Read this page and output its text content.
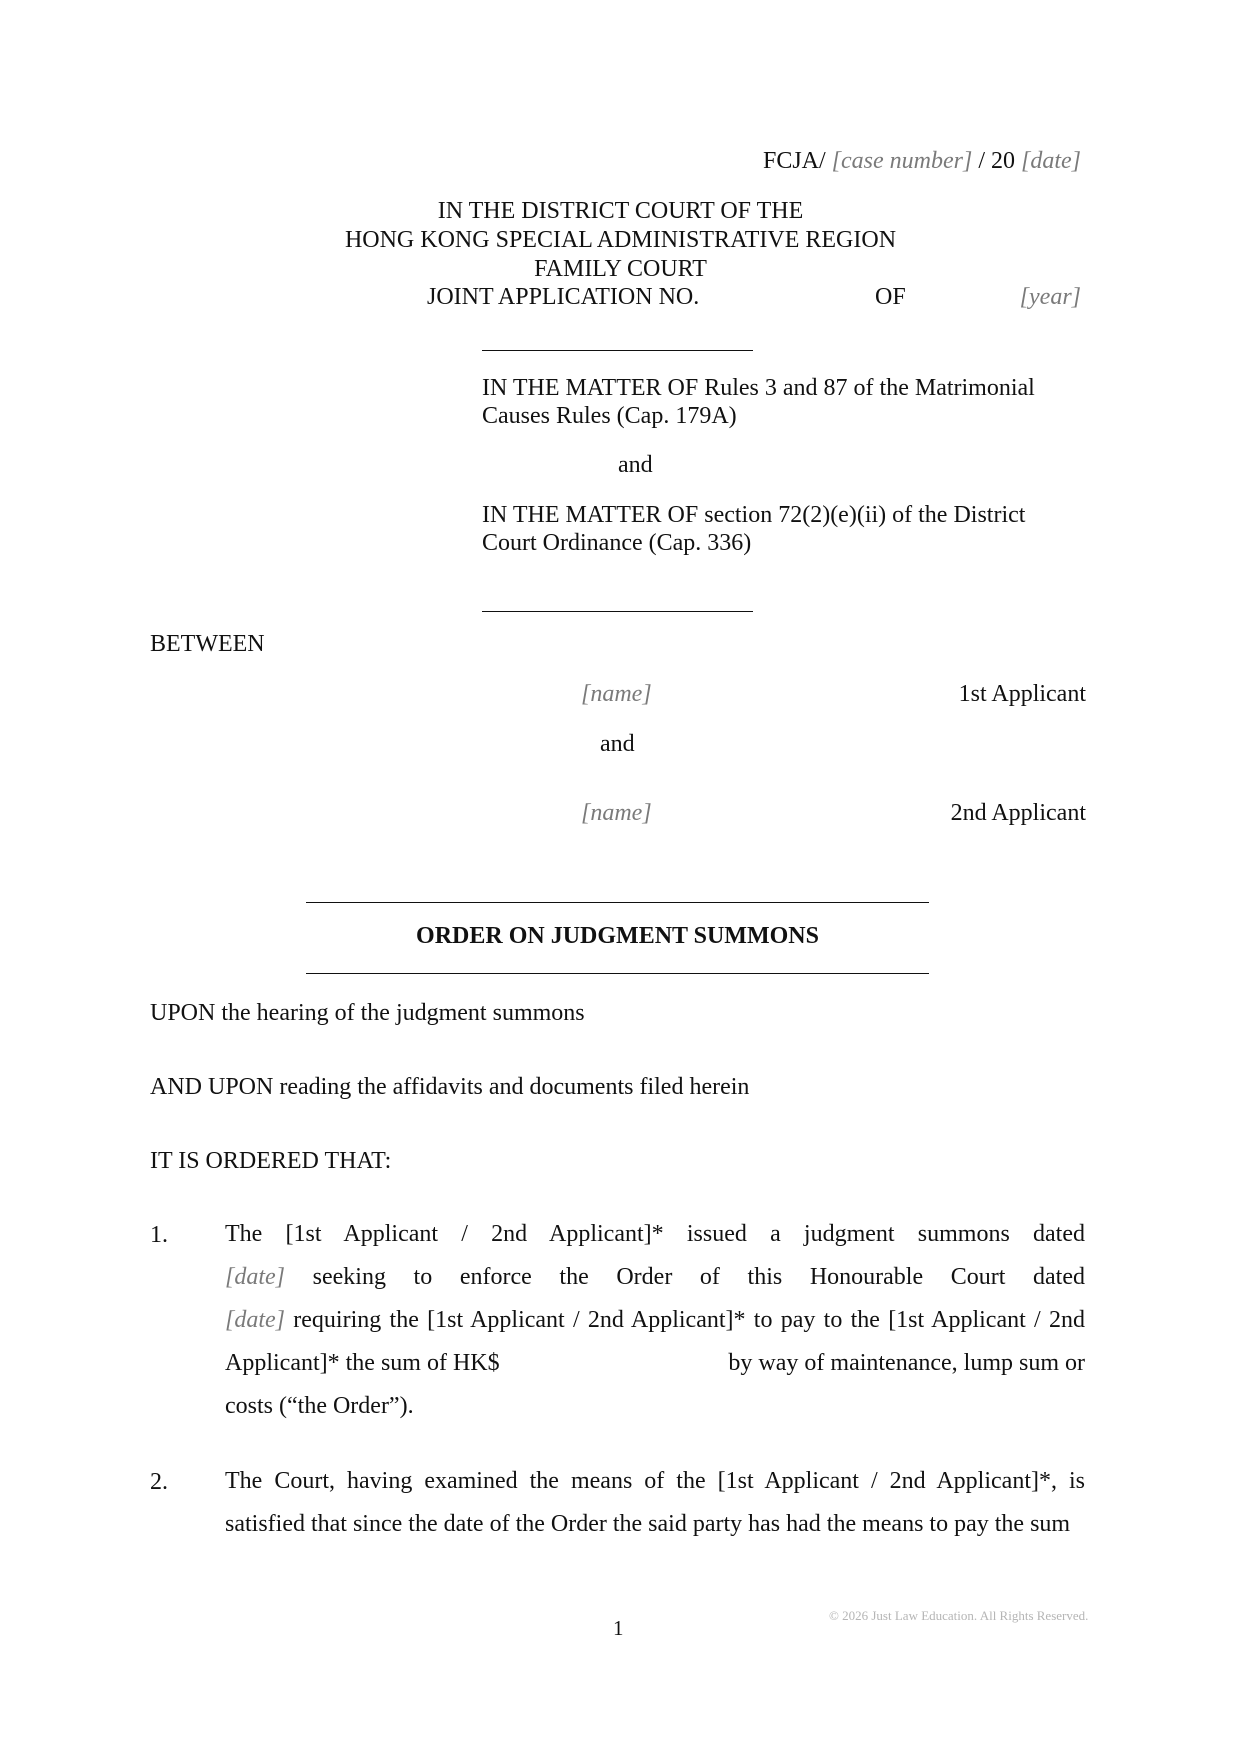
FCJA/ [case number] / 20 [date]
IN THE DISTRICT COURT OF THE
HONG KONG SPECIAL ADMINISTRATIVE REGION
FAMILY COURT
JOINT APPLICATION NO.	OF	[year]
IN THE MATTER OF Rules 3 and 87 of the Matrimonial
Causes Rules (Cap. 179A)
and
IN THE MATTER OF section 72(2)(e)(ii) of the District
Court Ordinance (Cap. 336)
BETWEEN
[name]	1st Applicant
and
[name]	2nd Applicant
ORDER ON JUDGMENT SUMMONS
UPON the hearing of the judgment summons
AND UPON reading the affidavits and documents filed herein
IT IS ORDERED THAT:
1. The [1st Applicant / 2nd Applicant]* issued a judgment summons dated
[date] seeking to enforce the Order of this Honourable Court dated
[date] requiring the [1st Applicant / 2nd Applicant]* to pay to the [1st Applicant / 2nd
Applicant]* the sum of HK$	by way of maintenance, lump sum or
costs (“the Order”).
2. The Court, having examined the means of the [1st Applicant / 2nd Applicant]*, is
satisfied that since the date of the Order the said party has had the means to pay the sum
1
© 2026 Just Law Education. All Rights Reserved.
